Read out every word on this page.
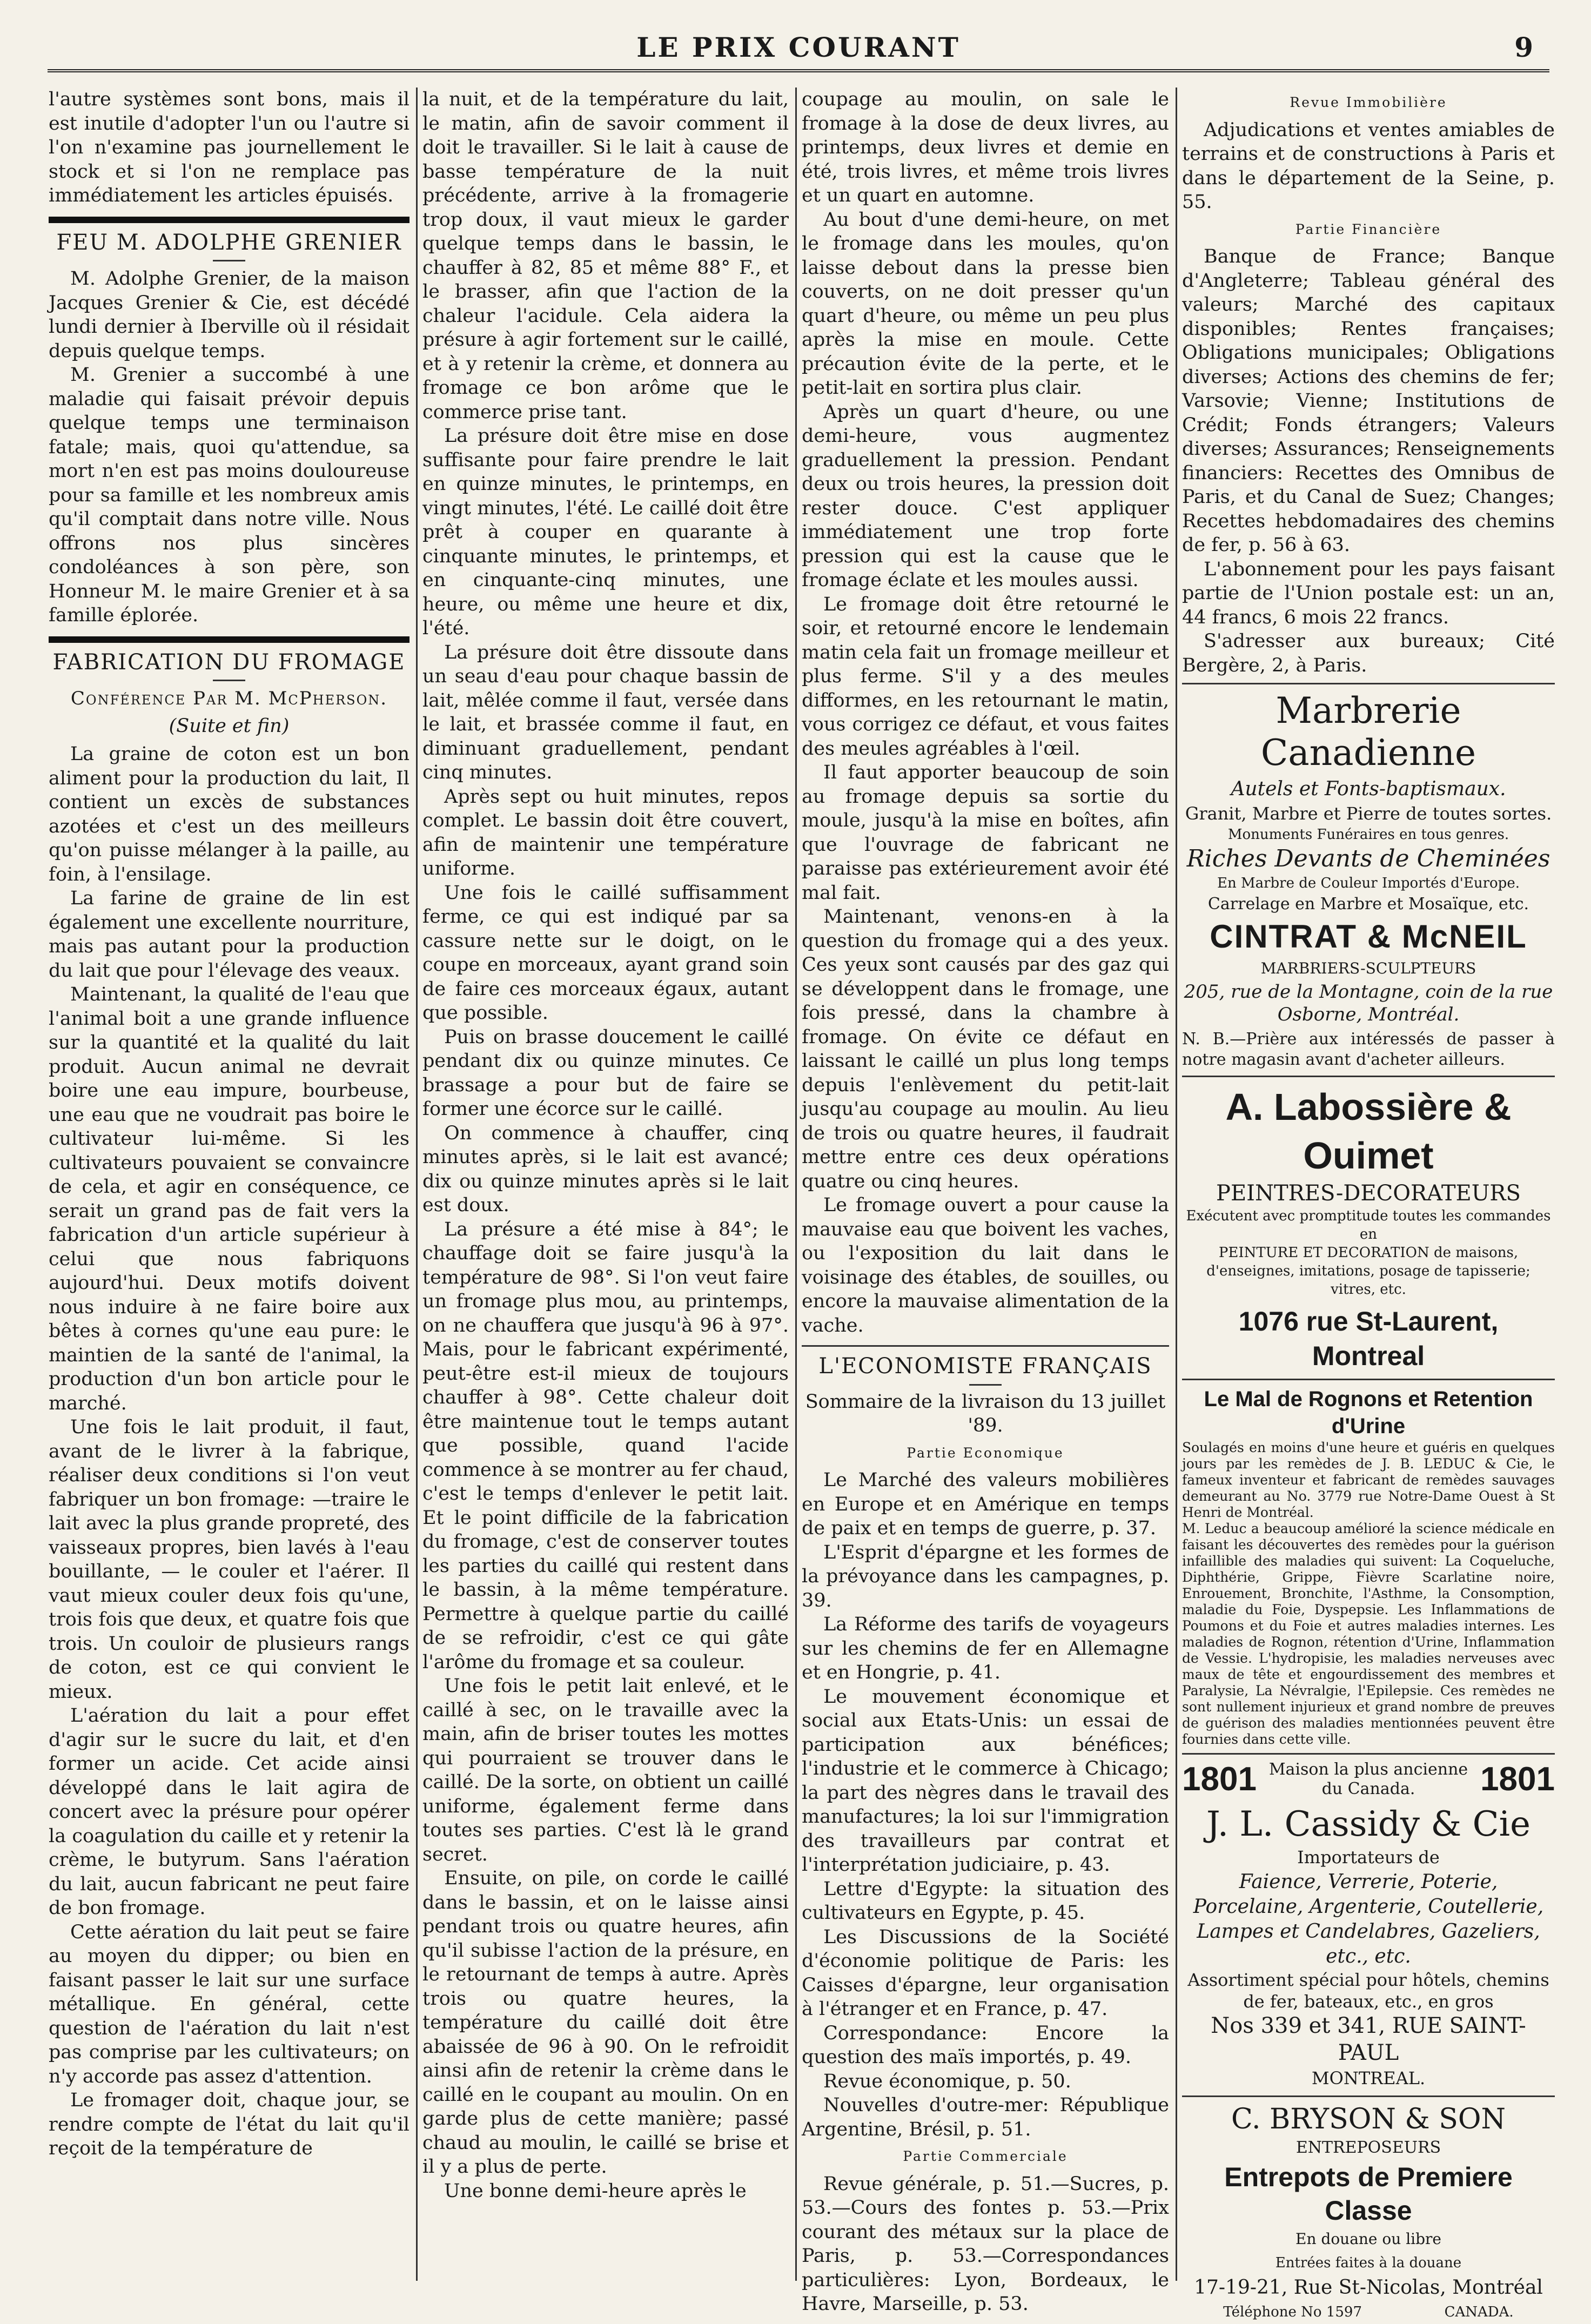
LE PRIX COURANT	9

l'autre systèmes sont bons, mais il est inutile d'adopter l'un ou l'autre si l'on n'examine pas journellement le stock et si l'on ne remplace pas immédiatement les articles épuisés.

FEU M. ADOLPHE GRENIER

M. Adolphe Grenier, de la maison Jacques Grenier & Cie, est décédé lundi dernier à Iberville où il résidait depuis quelque temps.

M. Grenier a succombé à une maladie qui faisait prévoir depuis quelque temps une terminaison fatale; mais, quoi qu'attendue, sa mort n'en est pas moins douloureuse pour sa famille et les nombreux amis qu'il comptait dans notre ville. Nous offrons nos plus sincères condoléances à son père, son Honneur M. le maire Grenier et à sa famille éplorée.

FABRICATION DU FROMAGE
Conférence Par M. McPherson.
(Suite et fin)

La graine de coton est un bon aliment pour la production du lait, Il contient un excès de substances azotées et c'est un des meilleurs qu'on puisse mélanger à la paille, au foin, à l'ensilage.

La farine de graine de lin est également une excellente nourriture, mais pas autant pour la production du lait que pour l'élevage des veaux.

Maintenant, la qualité de l'eau que l'animal boit a une grande influence sur la quantité et la qualité du lait produit. Aucun animal ne devrait boire une eau impure, bourbeuse, une eau que ne voudrait pas boire le cultivateur lui-même. Si les cultivateurs pouvaient se convaincre de cela, et agir en conséquence, ce serait un grand pas de fait vers la fabrication d'un article supérieur à celui que nous fabriquons aujourd'hui. Deux motifs doivent nous induire à ne faire boire aux bêtes à cornes qu'une eau pure: le maintien de la santé de l'animal, la production d'un bon article pour le marché.

Une fois le lait produit, il faut, avant de le livrer à la fabrique, réaliser deux conditions si l'on veut fabriquer un bon fromage: —traire le lait avec la plus grande propreté, des vaisseaux propres, bien lavés à l'eau bouillante, — le couler et l'aérer. Il vaut mieux couler deux fois qu'une, trois fois que deux, et quatre fois que trois. Un couloir de plusieurs rangs de coton, est ce qui convient le mieux.

L'aération du lait a pour effet d'agir sur le sucre du lait, et d'en former un acide. Cet acide ainsi développé dans le lait agira de concert avec la présure pour opérer la coagulation du caille et y retenir la crème, le butyrum. Sans l'aération du lait, aucun fabricant ne peut faire de bon fromage.

Cette aération du lait peut se faire au moyen du dipper; ou bien en faisant passer le lait sur une surface métallique. En général, cette question de l'aération du lait n'est pas comprise par les cultivateurs; on n'y accorde pas assez d'attention.

Le fromager doit, chaque jour, se rendre compte de l'état du lait qu'il reçoit de la température de

la nuit, et de la température du lait, le matin, afin de savoir comment il doit le travailler. Si le lait à cause de basse température de la nuit précédente, arrive à la fromagerie trop doux, il vaut mieux le garder quelque temps dans le bassin, le chauffer à 82, 85 et même 88° F., et le brasser, afin que l'action de la chaleur l'acidule. Cela aidera la présure à agir fortement sur le caillé, et à y retenir la crème, et donnera au fromage ce bon arôme que le commerce prise tant.

La présure doit être mise en dose suffisante pour faire prendre le lait en quinze minutes, le printemps, en vingt minutes, l'été. Le caillé doit être prêt à couper en quarante à cinquante minutes, le printemps, et en cinquante-cinq minutes, une heure, ou même une heure et dix, l'été.

La présure doit être dissoute dans un seau d'eau pour chaque bassin de lait, mêlée comme il faut, versée dans le lait, et brassée comme il faut, en diminuant graduellement, pendant cinq minutes.

Après sept ou huit minutes, repos complet. Le bassin doit être couvert, afin de maintenir une température uniforme.

Une fois le caillé suffisamment ferme, ce qui est indiqué par sa cassure nette sur le doigt, on le coupe en morceaux, ayant grand soin de faire ces morceaux égaux, autant que possible.

Puis on brasse doucement le caillé pendant dix ou quinze minutes. Ce brassage a pour but de faire se former une écorce sur le caillé.

On commence à chauffer, cinq minutes après, si le lait est avancé; dix ou quinze minutes après si le lait est doux.

La présure a été mise à 84°; le chauffage doit se faire jusqu'à la température de 98°. Si l'on veut faire un fromage plus mou, au printemps, on ne chauffera que jusqu'à 96 à 97°. Mais, pour le fabricant expérimenté, peut-être est-il mieux de toujours chauffer à 98°. Cette chaleur doit être maintenue tout le temps autant que possible, quand l'acide commence à se montrer au fer chaud, c'est le temps d'enlever le petit lait. Et le point difficile de la fabrication du fromage, c'est de conserver toutes les parties du caillé qui restent dans le bassin, à la même température. Permettre à quelque partie du caillé de se refroidir, c'est ce qui gâte l'arôme du fromage et sa couleur.

Une fois le petit lait enlevé, et le caillé à sec, on le travaille avec la main, afin de briser toutes les mottes qui pourraient se trouver dans le caillé. De la sorte, on obtient un caillé uniforme, également ferme dans toutes ses parties. C'est là le grand secret.

Ensuite, on pile, on corde le caillé dans le bassin, et on le laisse ainsi pendant trois ou quatre heures, afin qu'il subisse l'action de la présure, en le retournant de temps à autre. Après trois ou quatre heures, la température du caillé doit être abaissée de 96 à 90. On le refroidit ainsi afin de retenir la crème dans le caillé en le coupant au moulin. On en garde plus de cette manière; passé chaud au moulin, le caillé se brise et il y a plus de perte.

Une bonne demi-heure après le

coupage au moulin, on sale le fromage à la dose de deux livres, au printemps, deux livres et demie en été, trois livres, et même trois livres et un quart en automne.

Au bout d'une demi-heure, on met le fromage dans les moules, qu'on laisse debout dans la presse bien couverts, on ne doit presser qu'un quart d'heure, ou même un peu plus après la mise en moule. Cette précaution évite de la perte, et le petit-lait en sortira plus clair.

Après un quart d'heure, ou une demi-heure, vous augmentez graduellement la pression. Pendant deux ou trois heures, la pression doit rester douce. C'est appliquer immédiatement une trop forte pression qui est la cause que le fromage éclate et les moules aussi.

Le fromage doit être retourné le soir, et retourné encore le lendemain matin cela fait un fromage meilleur et plus ferme. S'il y a des meules difformes, en les retournant le matin, vous corrigez ce défaut, et vous faites des meules agréables à l'œil.

Il faut apporter beaucoup de soin au fromage depuis sa sortie du moule, jusqu'à la mise en boîtes, afin que l'ouvrage de fabricant ne paraisse pas extérieurement avoir été mal fait.

Maintenant, venons-en à la question du fromage qui a des yeux. Ces yeux sont causés par des gaz qui se développent dans le fromage, une fois pressé, dans la chambre à fromage. On évite ce défaut en laissant le caillé un plus long temps depuis l'enlèvement du petit-lait jusqu'au coupage au moulin. Au lieu de trois ou quatre heures, il faudrait mettre entre ces deux opérations quatre ou cinq heures.

Le fromage ouvert a pour cause la mauvaise eau que boivent les vaches, ou l'exposition du lait dans le voisinage des étables, de souilles, ou encore la mauvaise alimentation de la vache.

L'ECONOMISTE FRANÇAIS

Sommaire de la livraison du 13 juillet '89.

Partie Economique

Le Marché des valeurs mobilières en Europe et en Amérique en temps de paix et en temps de guerre, p. 37.

L'Esprit d'épargne et les formes de la prévoyance dans les campagnes, p. 39.

La Réforme des tarifs de voyageurs sur les chemins de fer en Allemagne et en Hongrie, p. 41.

Le mouvement économique et social aux Etats-Unis: un essai de participation aux bénéfices; l'industrie et le commerce à Chicago; la part des nègres dans le travail des manufactures; la loi sur l'immigration des travailleurs par contrat et l'interprétation judiciaire, p. 43.

Lettre d'Egypte: la situation des cultivateurs en Egypte, p. 45.

Les Discussions de la Société d'économie politique de Paris: les Caisses d'épargne, leur organisation à l'étranger et en France, p. 47.

Correspondance: Encore la question des maïs importés, p. 49.

Revue économique, p. 50.

Nouvelles d'outre-mer: République Argentine, Brésil, p. 51.

Partie Commerciale

Revue générale, p. 51.—Sucres, p. 53.—Cours des fontes p. 53.—Prix courant des métaux sur la place de Paris, p. 53.—Correspondances particulières: Lyon, Bordeaux, le Havre, Marseille, p. 53.

Revue Immobilière

Adjudications et ventes amiables de terrains et de constructions à Paris et dans le département de la Seine, p. 55.

Partie Financière

Banque de France; Banque d'Angleterre; Tableau général des valeurs; Marché des capitaux disponibles; Rentes françaises; Obligations municipales; Obligations diverses; Actions des chemins de fer; Varsovie; Vienne; Institutions de Crédit; Fonds étrangers; Valeurs diverses; Assurances; Renseignements financiers: Recettes des Omnibus de Paris, et du Canal de Suez; Changes; Recettes hebdomadaires des chemins de fer, p. 56 à 63.

L'abonnement pour les pays faisant partie de l'Union postale est: un an, 44 francs, 6 mois 22 francs.

S'adresser aux bureaux; Cité Bergère, 2, à Paris.

Marbrerie Canadienne
Autels et Fonts-baptismaux.
Granit, Marbre et Pierre de toutes sortes.
Monuments Funéraires en tous genres.
Riches Devants de Cheminées
En Marbre de Couleur Importés d'Europe.
Carrelage en Marbre et Mosaïque, etc.
CINTRAT & McNEIL
MARBRIERS-SCULPTEURS
205, rue de la Montagne, coin de la rue Osborne, Montréal.

N. B.—Prière aux intéressés de passer à notre magasin avant d'acheter ailleurs.

A. Labossière & Ouimet
PEINTRES-DECORATEURS
Exécutent avec promptitude toutes les commandes en
PEINTURE ET DECORATION de maisons, d'enseignes, imitations, posage de tapisserie; vitres, etc.
1076 rue St-Laurent, Montreal
Le Mal de Rognons et Retention d'Urine

Soulagés en moins d'une heure et guéris en quelques jours par les remèdes de J. B. LEDUC & Cie, le fameux inventeur et fabricant de remèdes sauvages demeurant au No. 3779 rue Notre-Dame Ouest à St Henri de Montréal.

M. Leduc a beaucoup amélioré la science médicale en faisant les découvertes des remèdes pour la guérison infaillible des maladies qui suivent: La Coqueluche, Diphthérie, Grippe, Fièvre Scarlatine noire, Enrouement, Bronchite, l'Asthme, la Consomption, maladie du Foie, Dyspepsie. Les Inflammations de Poumons et du Foie et autres maladies internes. Les maladies de Rognon, rétention d'Urine, Inflammation de Vessie. L'hydropisie, les maladies nerveuses avec maux de tête et engourdissement des membres et Paralysie, La Névralgie, l'Epilepsie. Ces remèdes ne sont nullement injurieux et grand nombre de preuves de guérison des maladies mentionnées peuvent être fournies dans cette ville.

1801 Maison la plus ancienne du Canada.	1801
J. L. Cassidy & Cie
Importateurs de
Faience, Verrerie, Poterie, Porcelaine, Argenterie, Coutellerie, Lampes et Candelabres, Gazeliers, etc., etc.
Assortiment spécial pour hôtels, chemins de fer, bateaux, etc., en gros
Nos 339 et 341, RUE SAINT-PAUL
MONTREAL.
C. BRYSON & SON
ENTREPOSEURS
Entrepots de Premiere Classe
En douane ou libre
Entrées faites à la douane
17-19-21, Rue St-Nicolas, Montréal
Téléphone No 1597	CANADA.
